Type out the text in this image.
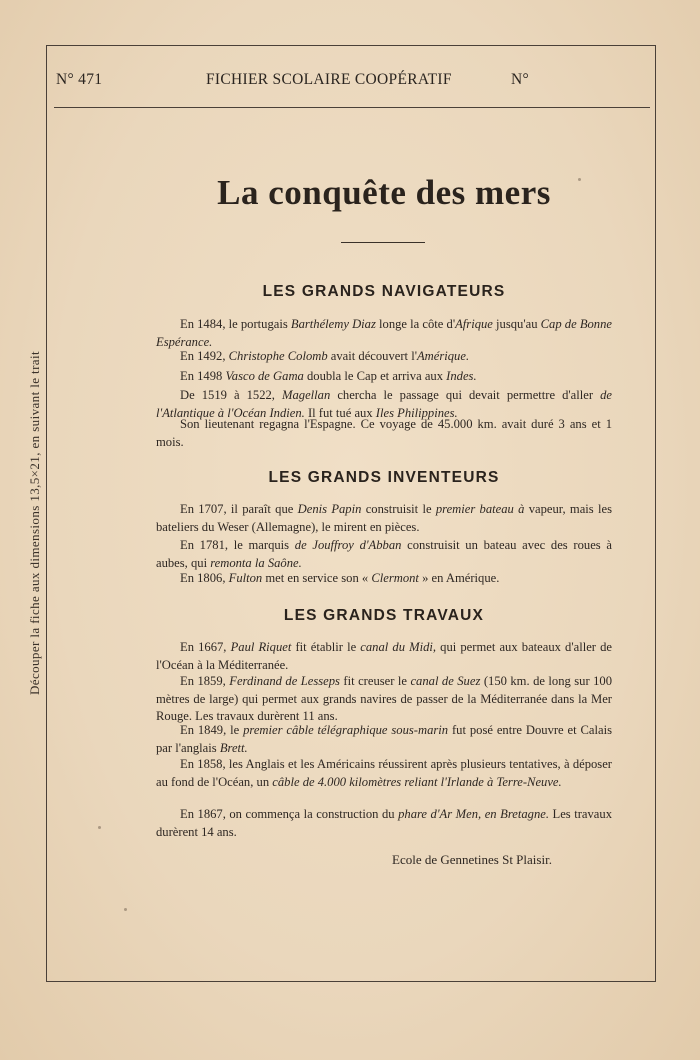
N° 471	FICHIER SCOLAIRE COOPÉRATIF	N°
Découper la fiche aux dimensions 13,5×21, en suivant le trait
La conquête des mers
LES GRANDS NAVIGATEURS

En 1484, le portugais Barthélemy Diaz longe la côte d'Afrique jusqu'au Cap de Bonne Espérance.

En 1492, Christophe Colomb avait découvert l'Amérique.

En 1498 Vasco de Gama doubla le Cap et arriva aux Indes.

De 1519 à 1522, Magellan chercha le passage qui devait permettre d'aller de l'Atlantique à l'Océan Indien. Il fut tué aux Iles Philippines.

Son lieutenant regagna l'Espagne. Ce voyage de 45.000 km. avait duré 3 ans et 1 mois.

LES GRANDS INVENTEURS

En 1707, il paraît que Denis Papin construisit le premier bateau à vapeur, mais les bateliers du Weser (Allemagne), le mirent en pièces.

En 1781, le marquis de Jouffroy d'Abban construisit un bateau avec des roues à aubes, qui remonta la Saône.

En 1806, Fulton met en service son « Clermont » en Amérique.

LES GRANDS TRAVAUX

En 1667, Paul Riquet fit établir le canal du Midi, qui permet aux bateaux d'aller de l'Océan à la Méditerranée.

En 1859, Ferdinand de Lesseps fit creuser le canal de Suez (150 km. de long sur 100 mètres de large) qui permet aux grands navires de passer de la Méditerranée dans la Mer Rouge. Les travaux durèrent 11 ans.

En 1849, le premier câble télégraphique sous-marin fut posé entre Douvre et Calais par l'anglais Brett.

En 1858, les Anglais et les Américains réussirent après plusieurs tentatives, à déposer au fond de l'Océan, un câble de 4.000 kilomètres reliant l'Irlande à Terre-Neuve.

En 1867, on commença la construction du phare d'Ar Men, en Bretagne. Les travaux durèrent 14 ans.

Ecole de Gennetines St Plaisir.
